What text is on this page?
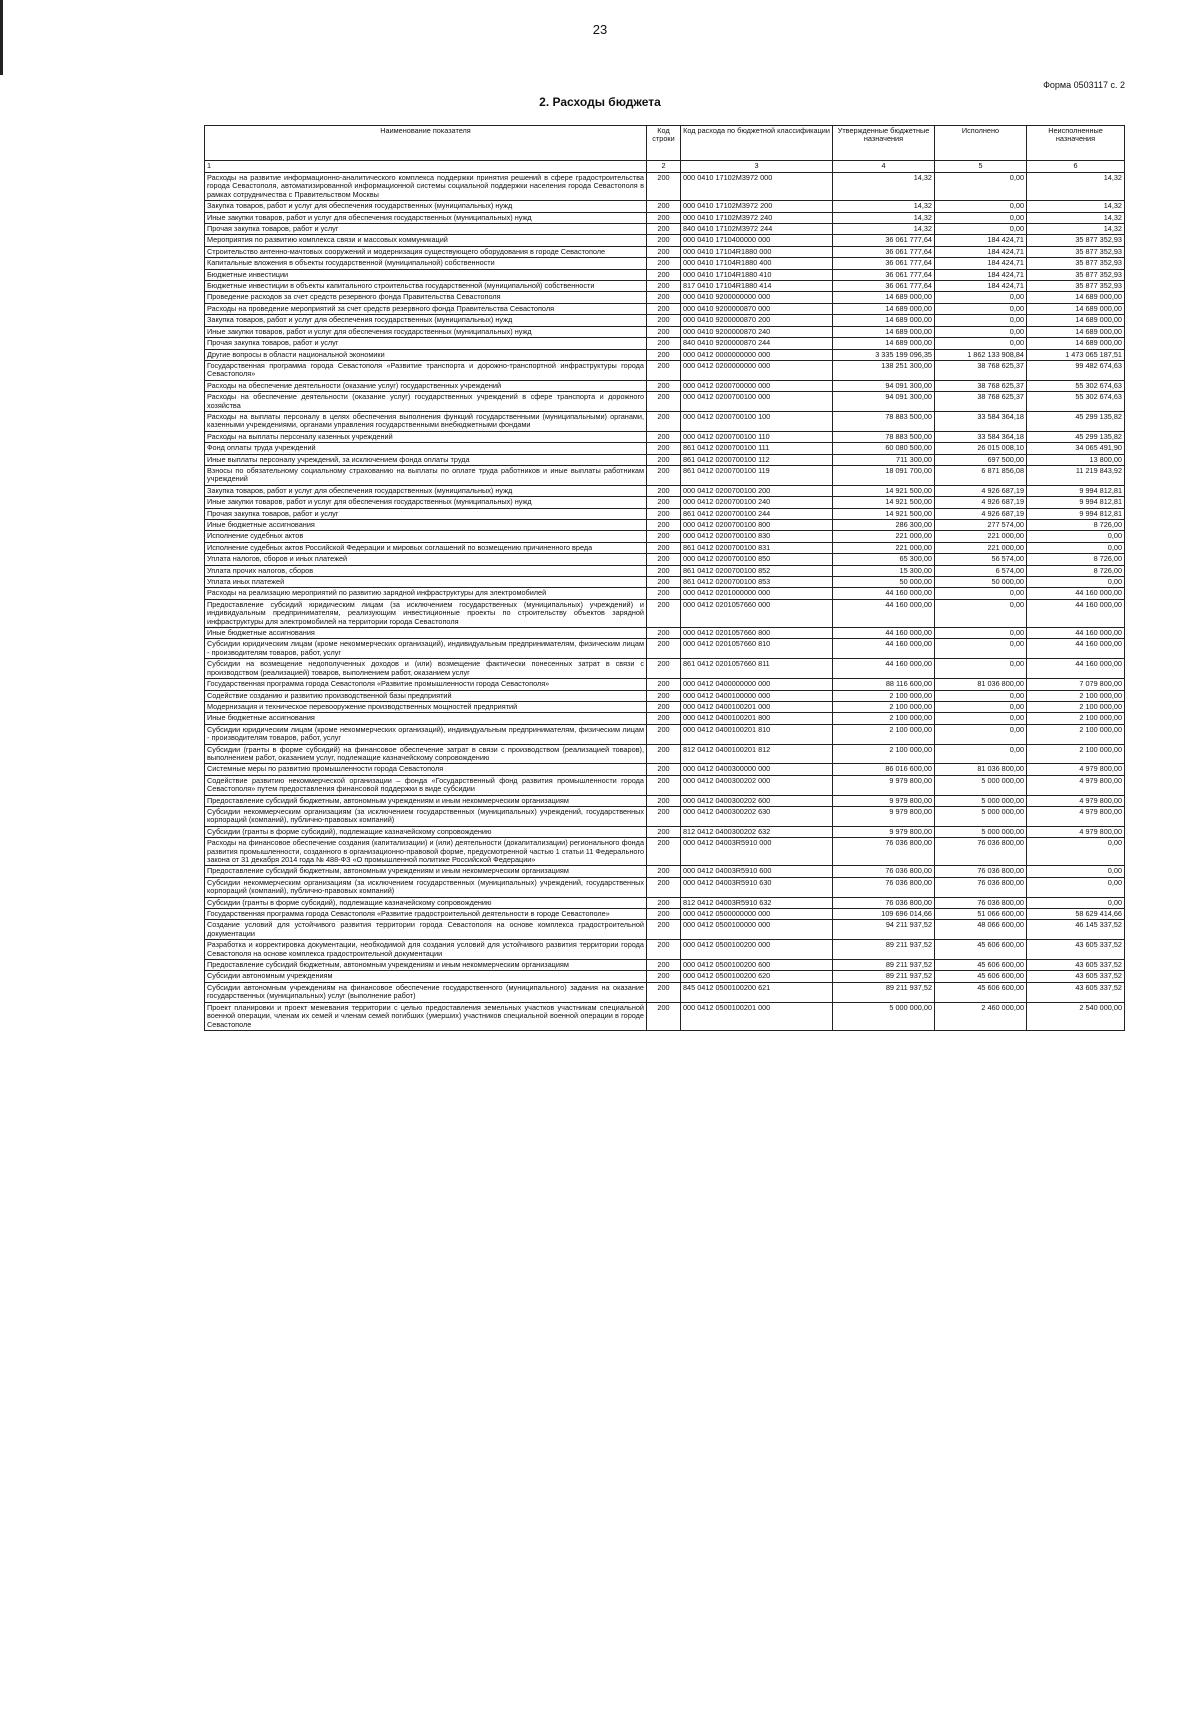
23
Форма 0503117 с. 2
2. Расходы бюджета
Наименование показателя	Код строки	Код расхода по бюджетной классификации	Утвержденные бюджетные назначения	Исполнено	Неисполненные назначения
1	2	3	4	5	6
Расходы на развитие информационно-аналитического комплекса поддержки принятия решений в сфере градостроительства города Севастополя, автоматизированной информационной системы социальной поддержки населения города Севастополя в рамках сотрудничества с Правительством Москвы	200	000 0410 17102М3972 000	14,32	0,00	14,32
Закупка товаров, работ и услуг для обеспечения государственных (муниципальных) нужд	200	000 0410 17102М3972 200	14,32	0,00	14,32
Иные закупки товаров, работ и услуг для обеспечения государственных (муниципальных) нужд	200	000 0410 17102М3972 240	14,32	0,00	14,32
Прочая закупка товаров, работ и услуг	200	840 0410 17102М3972 244	14,32	0,00	14,32
Мероприятия по развитию комплекса связи и массовых коммуникаций	200	000 0410 1710400000 000	36 061 777,64	184 424,71	35 877 352,93
Строительство антенно-мачтовых сооружений и модернизация существующего оборудования в городе Севастополе	200	000 0410 17104R1880 000	36 061 777,64	184 424,71	35 877 352,93
Капитальные вложения в объекты государственной (муниципальной) собственности	200	000 0410 17104R1880 400	36 061 777,64	184 424,71	35 877 352,93
Бюджетные инвестиции	200	000 0410 17104R1880 410	36 061 777,64	184 424,71	35 877 352,93
Бюджетные инвестиции в объекты капитального строительства государственной (муниципальной) собственности	200	817 0410 17104R1880 414	36 061 777,64	184 424,71	35 877 352,93
Проведение расходов за счет средств резервного фонда Правительства Севастополя	200	000 0410 9200000000 000	14 689 000,00	0,00	14 689 000,00
Расходы на проведение мероприятий за счет средств резервного фонда Правительства Севастополя	200	000 0410 9200000870 000	14 689 000,00	0,00	14 689 000,00
Закупка товаров, работ и услуг для обеспечения государственных (муниципальных) нужд	200	000 0410 9200000870 200	14 689 000,00	0,00	14 689 000,00
Иные закупки товаров, работ и услуг для обеспечения государственных (муниципальных) нужд	200	000 0410 9200000870 240	14 689 000,00	0,00	14 689 000,00
Прочая закупка товаров, работ и услуг	200	840 0410 9200000870 244	14 689 000,00	0,00	14 689 000,00
Другие вопросы в области национальной экономики	200	000 0412 0000000000 000	3 335 199 096,35	1 862 133 908,84	1 473 065 187,51
Государственная программа города Севастополя «Развитие транспорта и дорожно-транспортной инфраструктуры города Севастополя»	200	000 0412 0200000000 000	138 251 300,00	38 768 625,37	99 482 674,63
Расходы на обеспечение деятельности (оказание услуг) государственных учреждений	200	000 0412 0200700000 000	94 091 300,00	38 768 625,37	55 302 674,63
Расходы на обеспечение деятельности (оказание услуг) государственных учреждений в сфере транспорта и дорожного хозяйства	200	000 0412 0200700100 000	94 091 300,00	38 768 625,37	55 302 674,63
Расходы на выплаты персоналу в целях обеспечения выполнения функций государственными (муниципальными) органами, казенными учреждениями, органами управления государственными внебюджетными фондами	200	000 0412 0200700100 100	78 883 500,00	33 584 364,18	45 299 135,82
Расходы на выплаты персоналу казенных учреждений	200	000 0412 0200700100 110	78 883 500,00	33 584 364,18	45 299 135,82
Фонд оплаты труда учреждений	200	861 0412 0200700100 111	60 080 500,00	26 015 008,10	34 065 491,90
Иные выплаты персоналу учреждений, за исключением фонда оплаты труда	200	861 0412 0200700100 112	711 300,00	697 500,00	13 800,00
Взносы по обязательному социальному страхованию на выплаты по оплате труда работников и иные выплаты работникам учреждений	200	861 0412 0200700100 119	18 091 700,00	6 871 856,08	11 219 843,92
Закупка товаров, работ и услуг для обеспечения государственных (муниципальных) нужд	200	000 0412 0200700100 200	14 921 500,00	4 926 687,19	9 994 812,81
Иные закупки товаров, работ и услуг для обеспечения государственных (муниципальных) нужд	200	000 0412 0200700100 240	14 921 500,00	4 926 687,19	9 994 812,81
Прочая закупка товаров, работ и услуг	200	861 0412 0200700100 244	14 921 500,00	4 926 687,19	9 994 812,81
Иные бюджетные ассигнования	200	000 0412 0200700100 800	286 300,00	277 574,00	8 726,00
Исполнение судебных актов	200	000 0412 0200700100 830	221 000,00	221 000,00	0,00
Исполнение судебных актов Российской Федерации и мировых соглашений по возмещению причиненного вреда	200	861 0412 0200700100 831	221 000,00	221 000,00	0,00
Уплата налогов, сборов и иных платежей	200	000 0412 0200700100 850	65 300,00	56 574,00	8 726,00
Уплата прочих налогов, сборов	200	861 0412 0200700100 852	15 300,00	6 574,00	8 726,00
Уплата иных платежей	200	861 0412 0200700100 853	50 000,00	50 000,00	0,00
Расходы на реализацию мероприятий по развитию зарядной инфраструктуры для электромобилей	200	000 0412 0201000000 000	44 160 000,00	0,00	44 160 000,00
Предоставление субсидий юридическим лицам (за исключением государственных (муниципальных) учреждений) и индивидуальным предпринимателям, реализующим инвестиционные проекты по строительству объектов зарядной инфраструктуры для электромобилей на территории города Севастополя	200	000 0412 0201057660 000	44 160 000,00	0,00	44 160 000,00
Иные бюджетные ассигнования	200	000 0412 0201057660 800	44 160 000,00	0,00	44 160 000,00
Субсидии юридическим лицам (кроме некоммерческих организаций), индивидуальным предпринимателям, физическим лицам - производителям товаров, работ, услуг	200	000 0412 0201057660 810	44 160 000,00	0,00	44 160 000,00
Субсидии на возмещение недополученных доходов и (или) возмещение фактически понесенных затрат в связи с производством (реализацией) товаров, выполнением работ, оказанием услуг	200	861 0412 0201057660 811	44 160 000,00	0,00	44 160 000,00
Государственная программа города Севастополя «Развитие промышленности города Севастополя»	200	000 0412 0400000000 000	88 116 600,00	81 036 800,00	7 079 800,00
Содействие созданию и развитию производственной базы предприятий	200	000 0412 0400100000 000	2 100 000,00	0,00	2 100 000,00
Модернизация и техническое перевооружение производственных мощностей предприятий	200	000 0412 0400100201 000	2 100 000,00	0,00	2 100 000,00
Иные бюджетные ассигнования	200	000 0412 0400100201 800	2 100 000,00	0,00	2 100 000,00
Субсидии юридическим лицам (кроме некоммерческих организаций), индивидуальным предпринимателям, физическим лицам - производителям товаров, работ, услуг	200	000 0412 0400100201 810	2 100 000,00	0,00	2 100 000,00
Субсидии (гранты в форме субсидий) на финансовое обеспечение затрат в связи с производством (реализацией товаров), выполнением работ, оказанием услуг, подлежащие казначейскому сопровождению	200	812 0412 0400100201 812	2 100 000,00	0,00	2 100 000,00
Системные меры по развитию промышленности города Севастополя	200	000 0412 0400300000 000	86 016 600,00	81 036 800,00	4 979 800,00
Содействие развитию некоммерческой организации – фонда «Государственный фонд развития промышленности города Севастополя» путем предоставления финансовой поддержки в виде субсидии	200	000 0412 0400300202 000	9 979 800,00	5 000 000,00	4 979 800,00
Предоставление субсидий бюджетным, автономным учреждениям и иным некоммерческим организациям	200	000 0412 0400300202 600	9 979 800,00	5 000 000,00	4 979 800,00
Субсидии некоммерческим организациям (за исключением государственных (муниципальных) учреждений, государственных корпораций (компаний), публично-правовых компаний)	200	000 0412 0400300202 630	9 979 800,00	5 000 000,00	4 979 800,00
Субсидии (гранты в форме субсидий), подлежащие казначейскому сопровождению	200	812 0412 0400300202 632	9 979 800,00	5 000 000,00	4 979 800,00
Расходы на финансовое обеспечение создания (капитализации) и (или) деятельности (докапитализации) регионального фонда развития промышленности, созданного в организационно-правовой форме, предусмотренной частью 1 статьи 11 Федерального закона от 31 декабря 2014 года № 488-ФЗ «О промышленной политике Российской Федерации»	200	000 0412 04003R5910 000	76 036 800,00	76 036 800,00	0,00
Предоставление субсидий бюджетным, автономным учреждениям и иным некоммерческим организациям	200	000 0412 04003R5910 600	76 036 800,00	76 036 800,00	0,00
Субсидии некоммерческим организациям (за исключением государственных (муниципальных) учреждений, государственных корпораций (компаний), публично-правовых компаний)	200	000 0412 04003R5910 630	76 036 800,00	76 036 800,00	0,00
Субсидии (гранты в форме субсидий), подлежащие казначейскому сопровождению	200	812 0412 04003R5910 632	76 036 800,00	76 036 800,00	0,00
Государственная программа города Севастополя «Развитие градостроительной деятельности в городе Севастополе»	200	000 0412 0500000000 000	109 696 014,66	51 066 600,00	58 629 414,66
Создание условий для устойчивого развития территории города Севастополя на основе комплекса градостроительной документации	200	000 0412 0500100000 000	94 211 937,52	48 066 600,00	46 145 337,52
Разработка и корректировка документации, необходимой для создания условий для устойчивого развития территории города Севастополя на основе комплекса градостроительной документации	200	000 0412 0500100200 000	89 211 937,52	45 606 600,00	43 605 337,52
Предоставление субсидий бюджетным, автономным учреждениям и иным некоммерческим организациям	200	000 0412 0500100200 600	89 211 937,52	45 606 600,00	43 605 337,52
Субсидии автономным учреждениям	200	000 0412 0500100200 620	89 211 937,52	45 606 600,00	43 605 337,52
Субсидии автономным учреждениям на финансовое обеспечение государственного (муниципального) задания на оказание государственных (муниципальных) услуг (выполнение работ)	200	845 0412 0500100200 621	89 211 937,52	45 606 600,00	43 605 337,52
Проект планировки и проект межевания территории с целью предоставления земельных участков участникам специальной военной операции, членам их семей и членам семей погибших (умерших) участников специальной военной операции в городе Севастополе	200	000 0412 0500100201 000	5 000 000,00	2 460 000,00	2 540 000,00
